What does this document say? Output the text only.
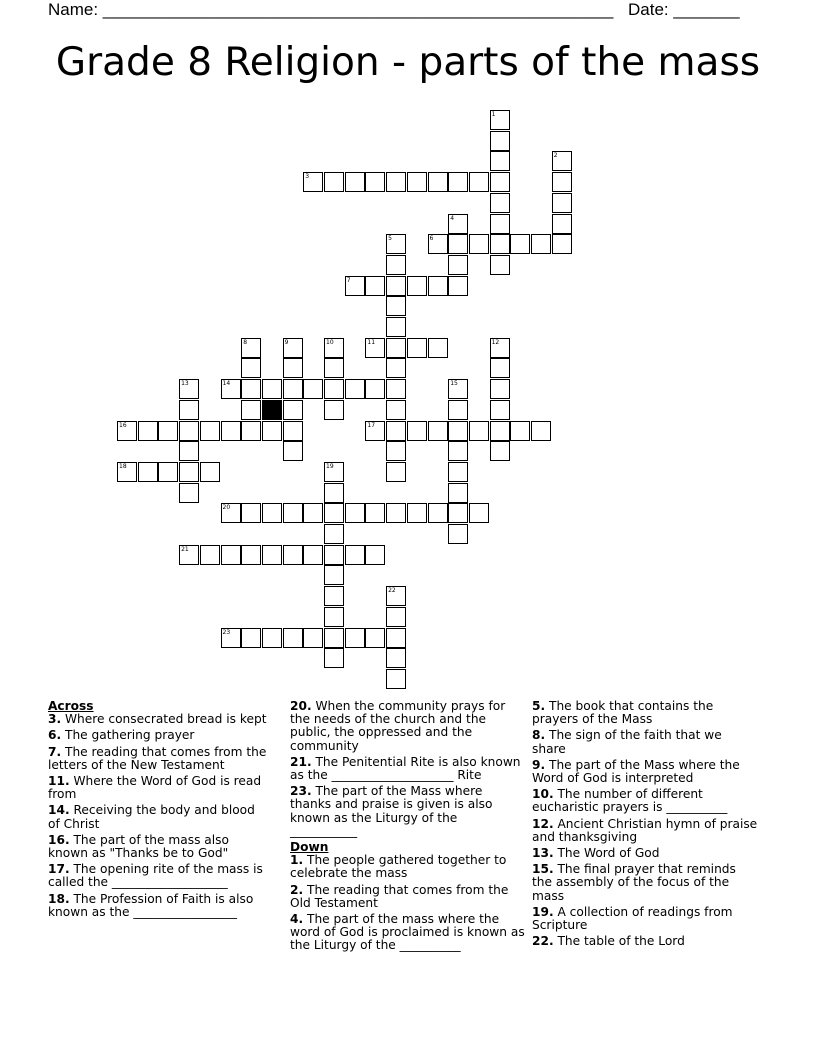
Name: ______________________________________________________ Date: _______
Grade 8 Religion - parts of the mass
1
2
3
4
5	6
7
8	9	10	11	12
13	14	15
16	17
18	19
20
21
22
23
Across
3. Where consecrated bread is kept
6. The gathering prayer
7. The reading that comes from the letters of the New Testament
11. Where the Word of God is read from
14. Receiving the body and blood of Christ
16. The part of the mass also known as "Thanks be to God"
17. The opening rite of the mass is called the ___________________
18. The Profession of Faith is also known as the _________________
20. When the community prays for the needs of the church and the public, the oppressed and the community
21. The Penitential Rite is also known as the ____________________ Rite
23. The part of the Mass where thanks and praise is given is also known as the Liturgy of the ___________
Down
1. The people gathered together to celebrate the mass
2. The reading that comes from the Old Testament
4. The part of the mass where the word of God is proclaimed is known as the Liturgy of the __________
5. The book that contains the prayers of the Mass
8. The sign of the faith that we share
9. The part of the Mass where the Word of God is interpreted
10. The number of different eucharistic prayers is __________
12. Ancient Christian hymn of praise and thanksgiving
13. The Word of God
15. The final prayer that reminds the assembly of the focus of the mass
19. A collection of readings from Scripture
22. The table of the Lord
